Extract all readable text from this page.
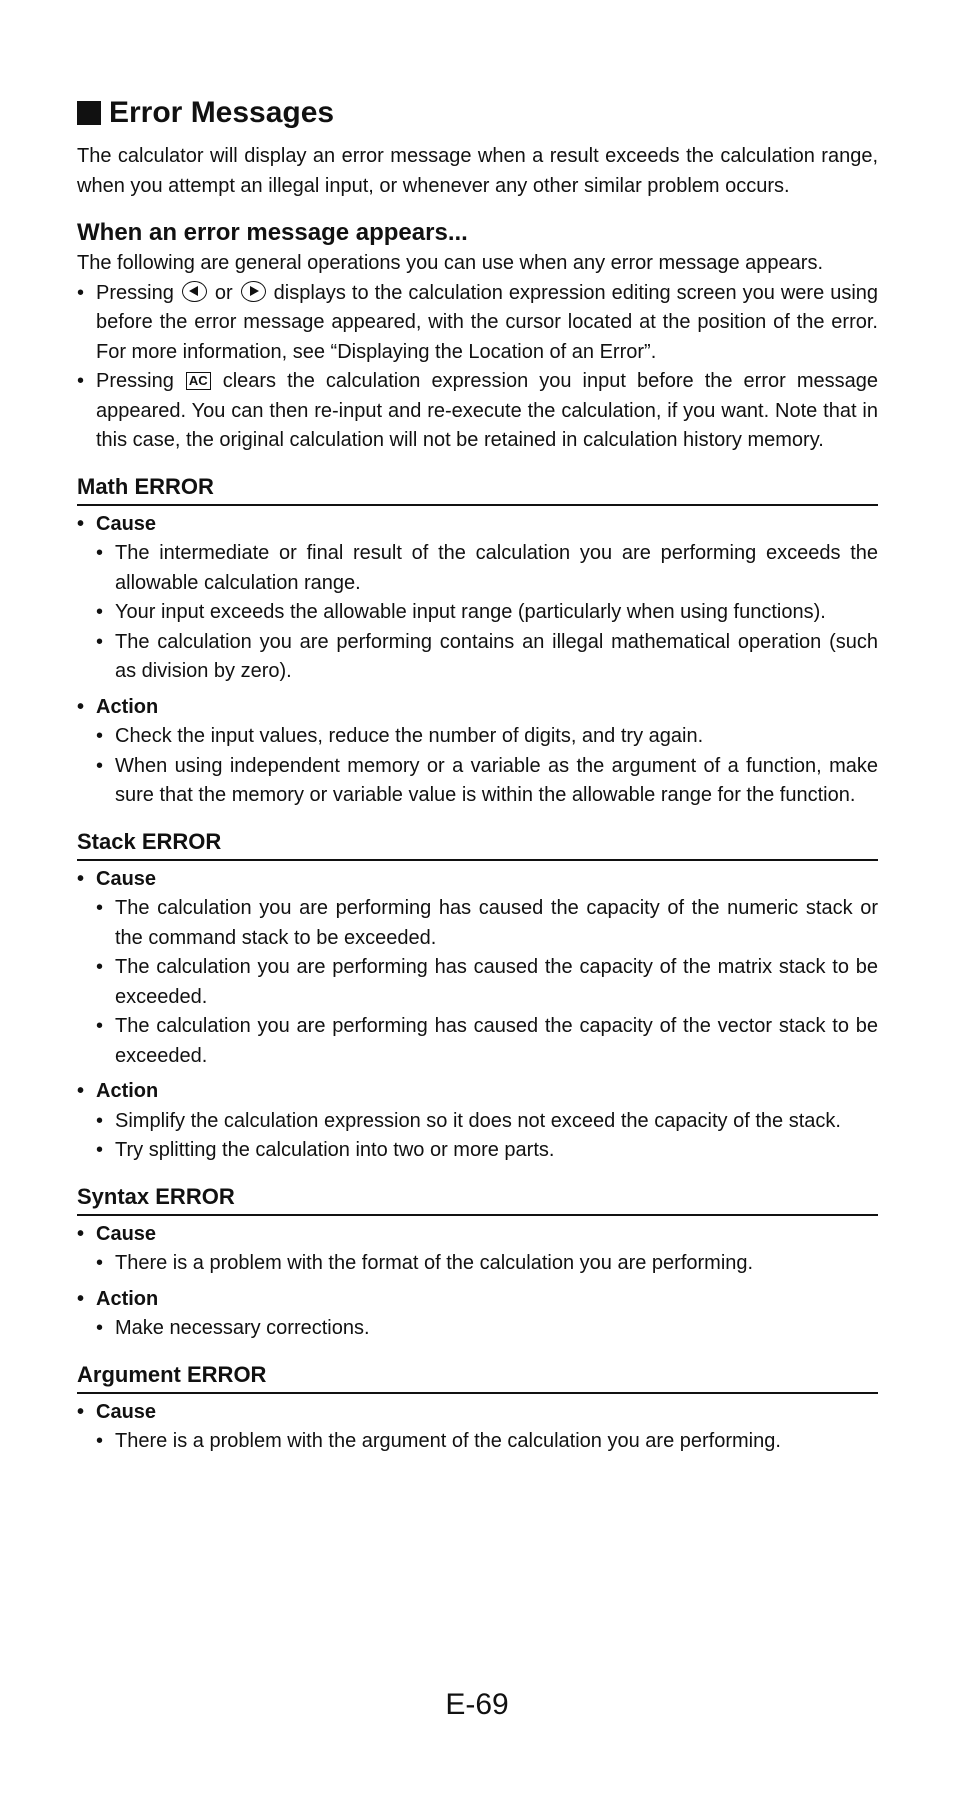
Error Messages

The calculator will display an error message when a result exceeds the calculation range, when you attempt an illegal input, or whenever any other similar problem occurs.

When an error message appears...

The following are general operations you can use when any error message appears.

• Pressing or displays to the calculation expression editing screen you were using before the error message appeared, with the cursor located at the position of the error. For more information, see “Displaying the Location of an Error”.
• Pressing AC clears the calculation expression you input before the error message appeared. You can then re-input and re-execute the calculation, if you want. Note that in this case, the original calculation will not be retained in calculation history memory.
Math ERROR
• Cause
• The intermediate or final result of the calculation you are performing exceeds the allowable calculation range.
• Your input exceeds the allowable input range (particularly when using functions).
• The calculation you are performing contains an illegal mathematical operation (such as division by zero).
• Action
• Check the input values, reduce the number of digits, and try again.
• When using independent memory or a variable as the argument of a function, make sure that the memory or variable value is within the allowable range for the function.
Stack ERROR
• Cause
• The calculation you are performing has caused the capacity of the numeric stack or the command stack to be exceeded.
• The calculation you are performing has caused the capacity of the matrix stack to be exceeded.
• The calculation you are performing has caused the capacity of the vector stack to be exceeded.
• Action
• Simplify the calculation expression so it does not exceed the capacity of the stack.
• Try splitting the calculation into two or more parts.
Syntax ERROR
• Cause
• There is a problem with the format of the calculation you are performing.
• Action
• Make necessary corrections.
Argument ERROR
• Cause
• There is a problem with the argument of the calculation you are performing.
E-69
